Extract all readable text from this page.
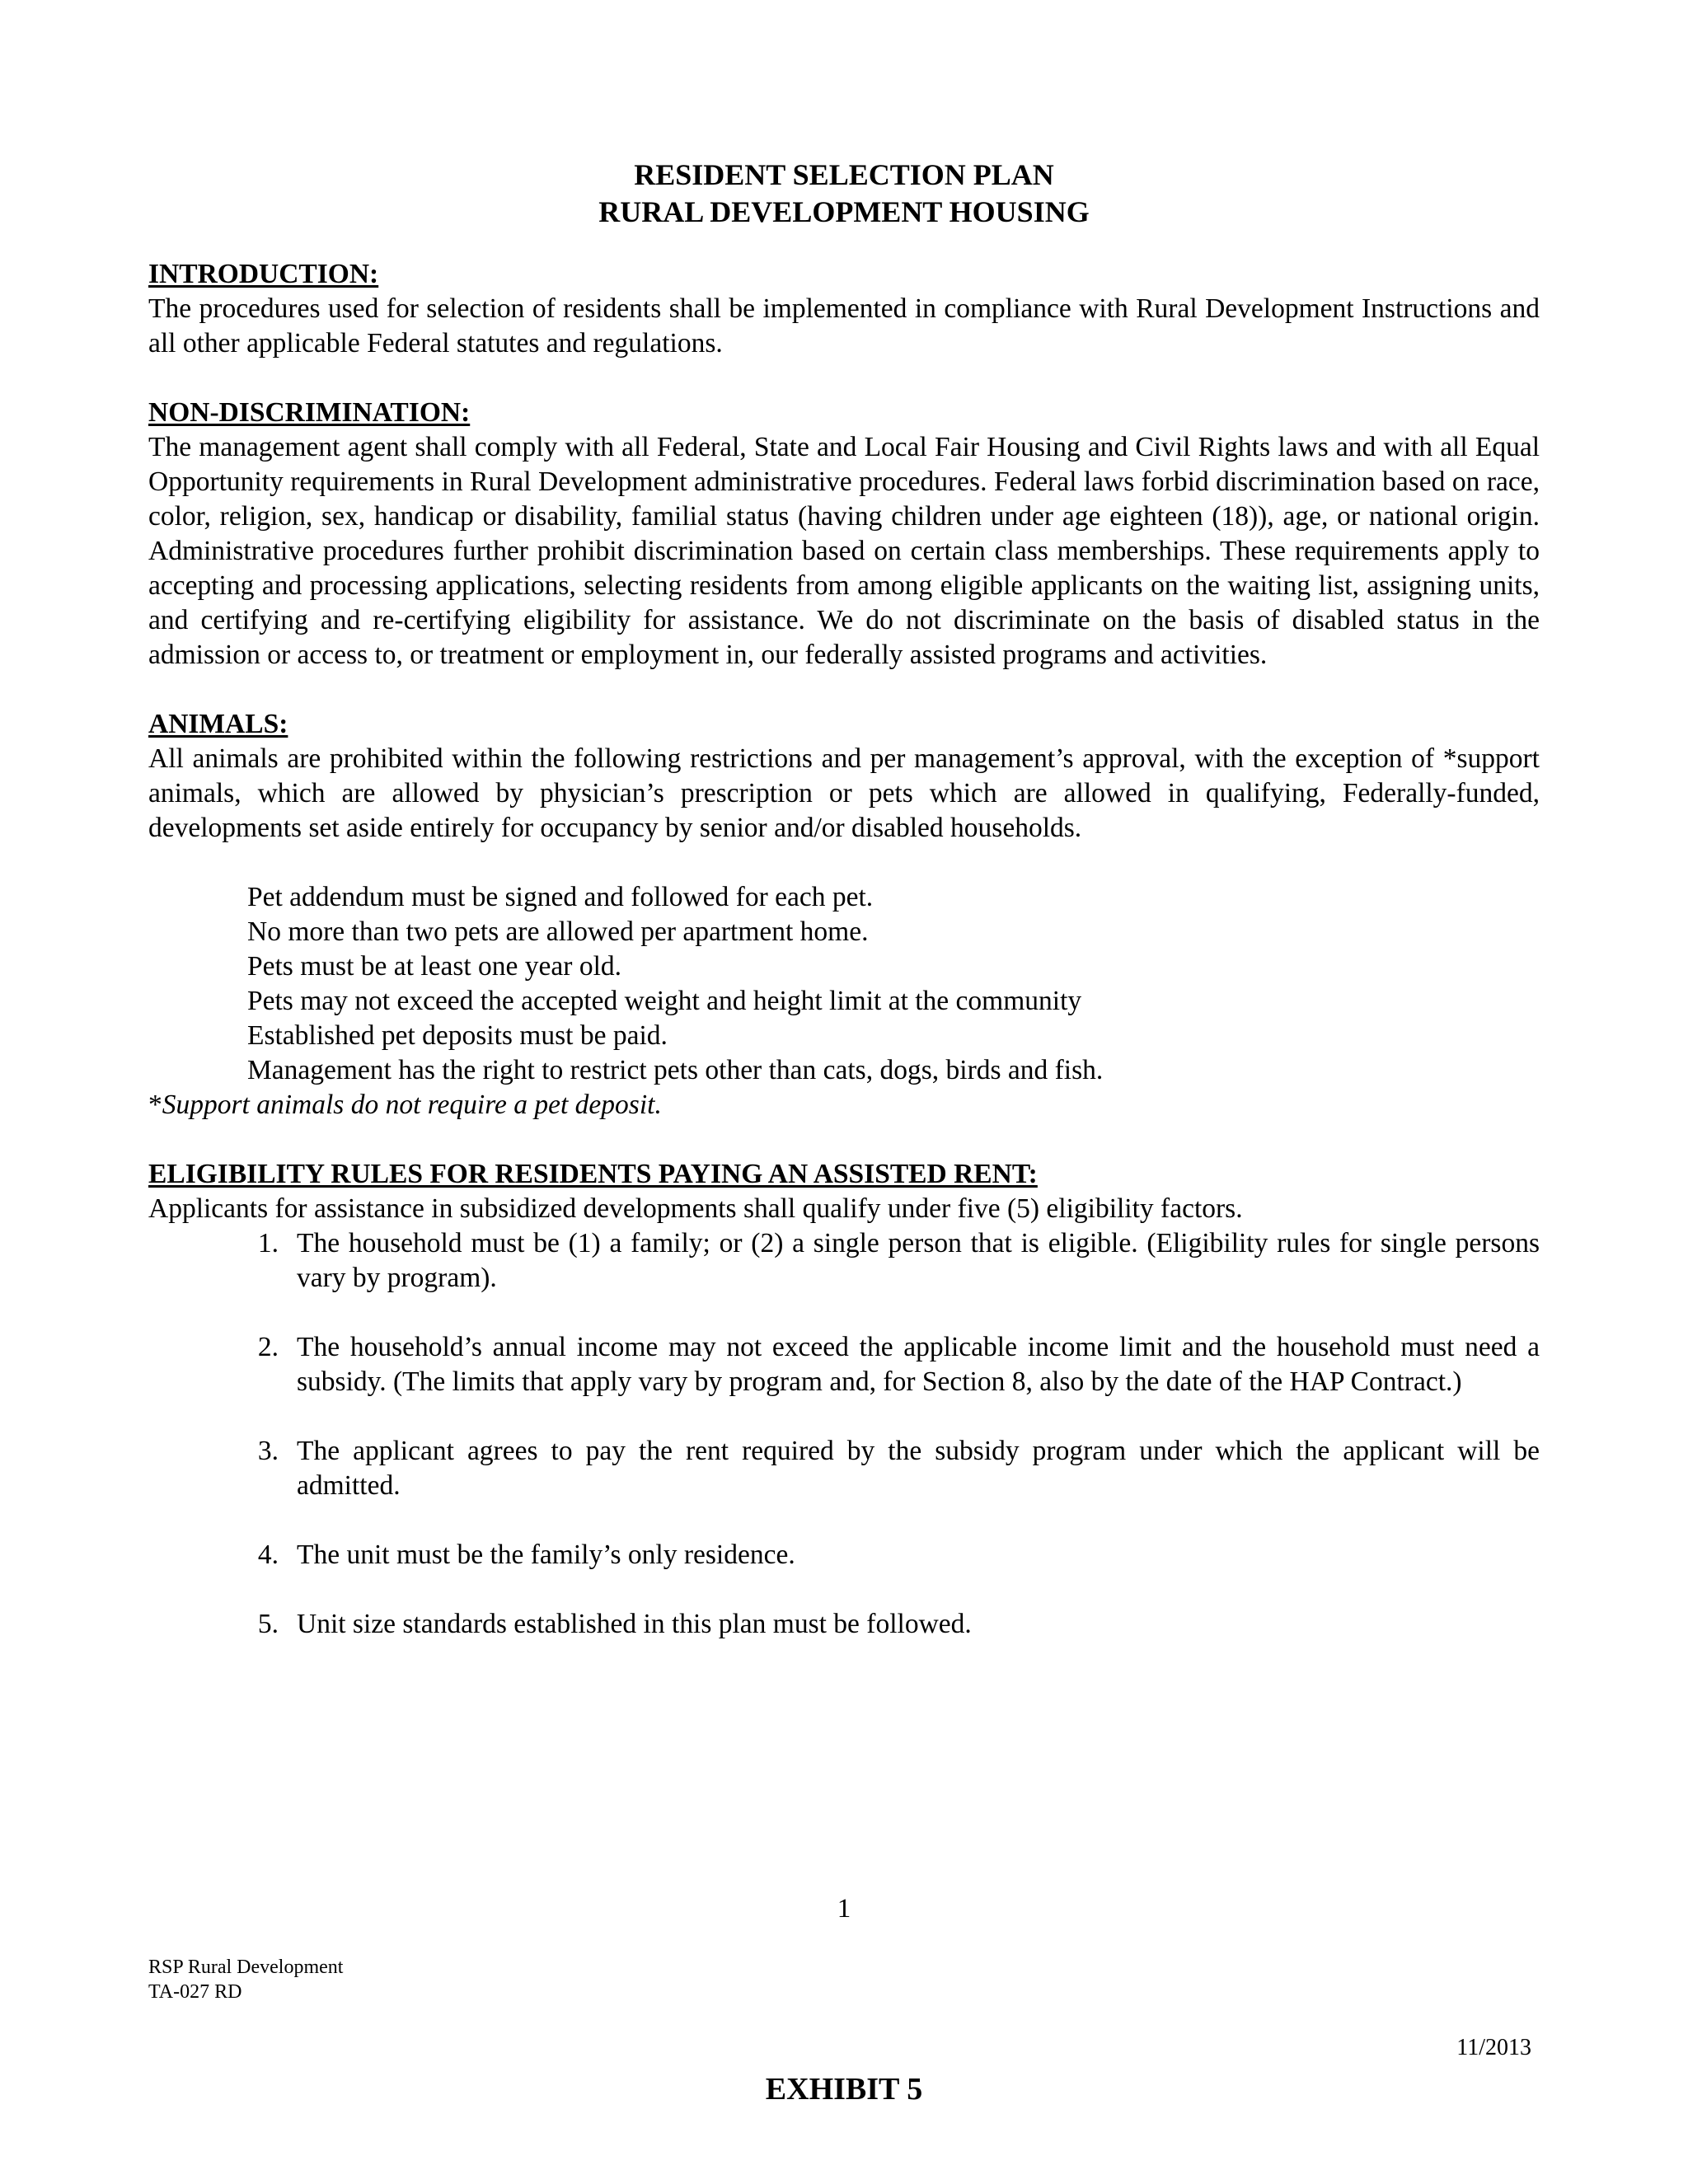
RESIDENT SELECTION PLAN

RURAL DEVELOPMENT HOUSING

INTRODUCTION:

The procedures used for selection of residents shall be implemented in compliance with Rural Development Instructions and all other applicable Federal statutes and regulations.

NON-DISCRIMINATION:

The management agent shall comply with all Federal, State and Local Fair Housing and Civil Rights laws and with all Equal Opportunity requirements in Rural Development administrative procedures. Federal laws forbid discrimination based on race, color, religion, sex, handicap or disability, familial status (having children under age eighteen (18)), age, or national origin. Administrative procedures further prohibit discrimination based on certain class memberships. These requirements apply to accepting and processing applications, selecting residents from among eligible applicants on the waiting list, assigning units, and certifying and re-certifying eligibility for assistance. We do not discriminate on the basis of disabled status in the admission or access to, or treatment or employment in, our federally assisted programs and activities.

ANIMALS:

All animals are prohibited within the following restrictions and per management’s approval, with the exception of *support animals, which are allowed by physician’s prescription or pets which are allowed in qualifying, Federally-funded, developments set aside entirely for occupancy by senior and/or disabled households.

Pet addendum must be signed and followed for each pet.
No more than two pets are allowed per apartment home.
Pets must be at least one year old.
Pets may not exceed the accepted weight and height limit at the community
Established pet deposits must be paid.
Management has the right to restrict pets other than cats, dogs, birds and fish.

*Support animals do not require a pet deposit.

ELIGIBILITY RULES FOR RESIDENTS PAYING AN ASSISTED RENT:

Applicants for assistance in subsidized developments shall qualify under five (5) eligibility factors.

1. The household must be (1) a family; or (2) a single person that is eligible. (Eligibility rules for single persons vary by program).
2. The household’s annual income may not exceed the applicable income limit and the household must need a subsidy. (The limits that apply vary by program and, for Section 8, also by the date of the HAP Contract.)
3. The applicant agrees to pay the rent required by the subsidy program under which the applicant will be admitted.
4. The unit must be the family’s only residence.
5. Unit size standards established in this plan must be followed.
1
RSP Rural Development
TA-027 RD
11/2013
EXHIBIT 5
